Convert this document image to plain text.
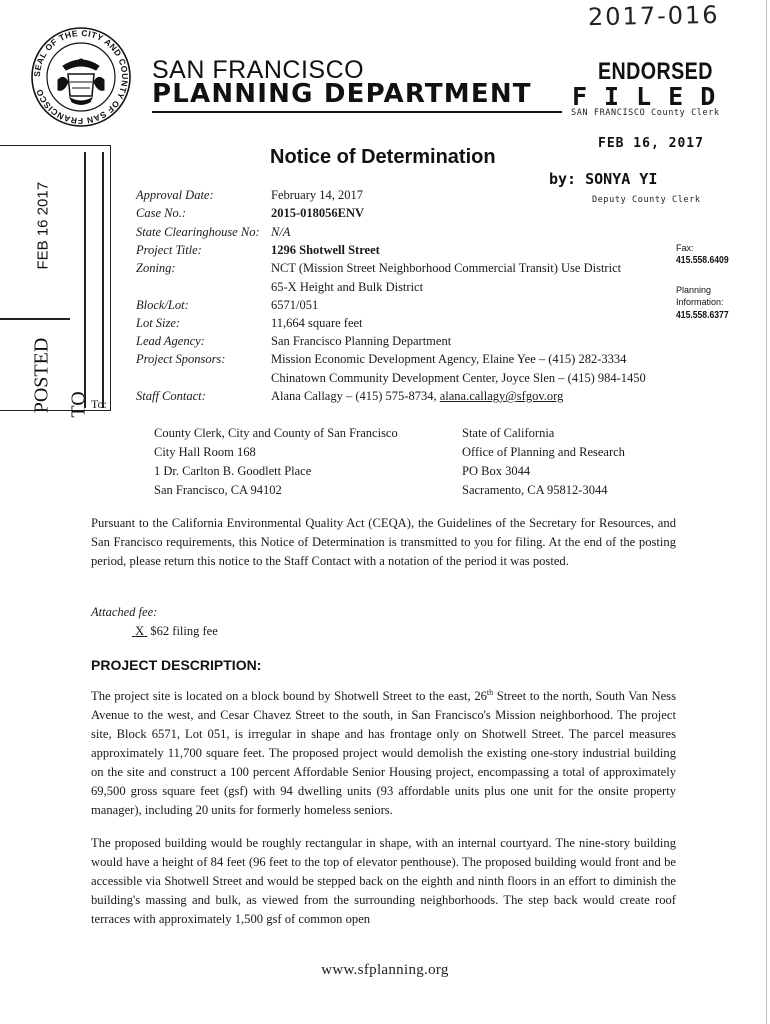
2017-016
SEAL OF THE CITY AND COUNTY OF SAN FRANCISCO
SAN FRANCISCO
PLANNING DEPARTMENT
ENDORSED
FILED
SAN FRANCISCO County Clerk
FEB 16, 2017
by: SONYA YI
Deputy County Clerk
Notice of Determination
FEB 16 2017
POSTED TO
Approval Date:	February 14, 2017
Case No.:	2015-018056ENV
State Clearinghouse No: N/A
Project Title:	1296 Shotwell Street
Zoning:	NCT (Mission Street Neighborhood Commercial Transit) Use District
65-X Height and Bulk District
Block/Lot:	6571/051
Lot Size:	11,664 square feet
Lead Agency:	San Francisco Planning Department
Project Sponsors:	Mission Economic Development Agency, Elaine Yee – (415) 282-3334
Chinatown Community Development Center, Joyce Slen – (415) 984-1450
Staff Contact:	Alana Callagy – (415) 575-8734, alana.callagy@sfgov.org
Fax:
415.558.6409
Planning
Information:
415.558.6377
To:
County Clerk, City and County of San Francisco
City Hall Room 168
1 Dr. Carlton B. Goodlett Place
San Francisco, CA 94102
State of California
Office of Planning and Research
PO Box 3044
Sacramento, CA 95812-3044
Pursuant to the California Environmental Quality Act (CEQA), the Guidelines of the Secretary for Resources, and San Francisco requirements, this Notice of Determination is transmitted to you for filing. At the end of the posting period, please return this notice to the Staff Contact with a notation of the period it was posted.
Attached fee:
X $62 filing fee
PROJECT DESCRIPTION:
The project site is located on a block bound by Shotwell Street to the east, 26th Street to the north, South Van Ness Avenue to the west, and Cesar Chavez Street to the south, in San Francisco's Mission neighborhood. The project site, Block 6571, Lot 051, is irregular in shape and has frontage only on Shotwell Street. The parcel measures approximately 11,700 square feet. The proposed project would demolish the existing one-story industrial building on the site and construct a 100 percent Affordable Senior Housing project, encompassing a total of approximately 69,500 gross square feet (gsf) with 94 dwelling units (93 affordable units plus one unit for the onsite property manager), including 20 units for formerly homeless seniors.
The proposed building would be roughly rectangular in shape, with an internal courtyard. The nine-story building would have a height of 84 feet (96 feet to the top of elevator penthouse). The proposed building would front and be accessible via Shotwell Street and would be stepped back on the eighth and ninth floors in an effort to diminish the building's massing and bulk, as viewed from the surrounding neighborhoods. The step back would create roof terraces with approximately 1,500 gsf of common open
www.sfplanning.org
